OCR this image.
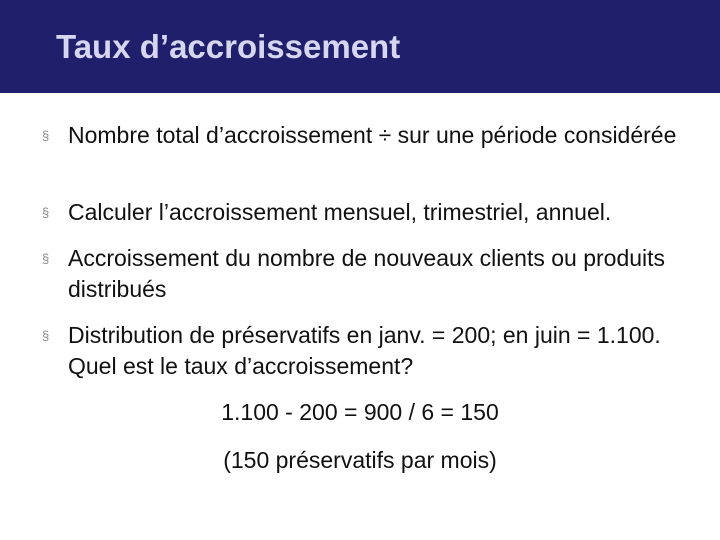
Taux d’accroissement
§ Nombre total d’accroissement ÷ sur une période considérée
§ Calculer l’accroissement mensuel, trimestriel, annuel.
§ Accroissement du nombre de nouveaux clients ou produits distribués
§ Distribution de préservatifs en janv. = 200; en juin = 1.100. Quel est le taux d’accroissement?
1.100 - 200 = 900 / 6 = 150
(150 préservatifs par mois)
